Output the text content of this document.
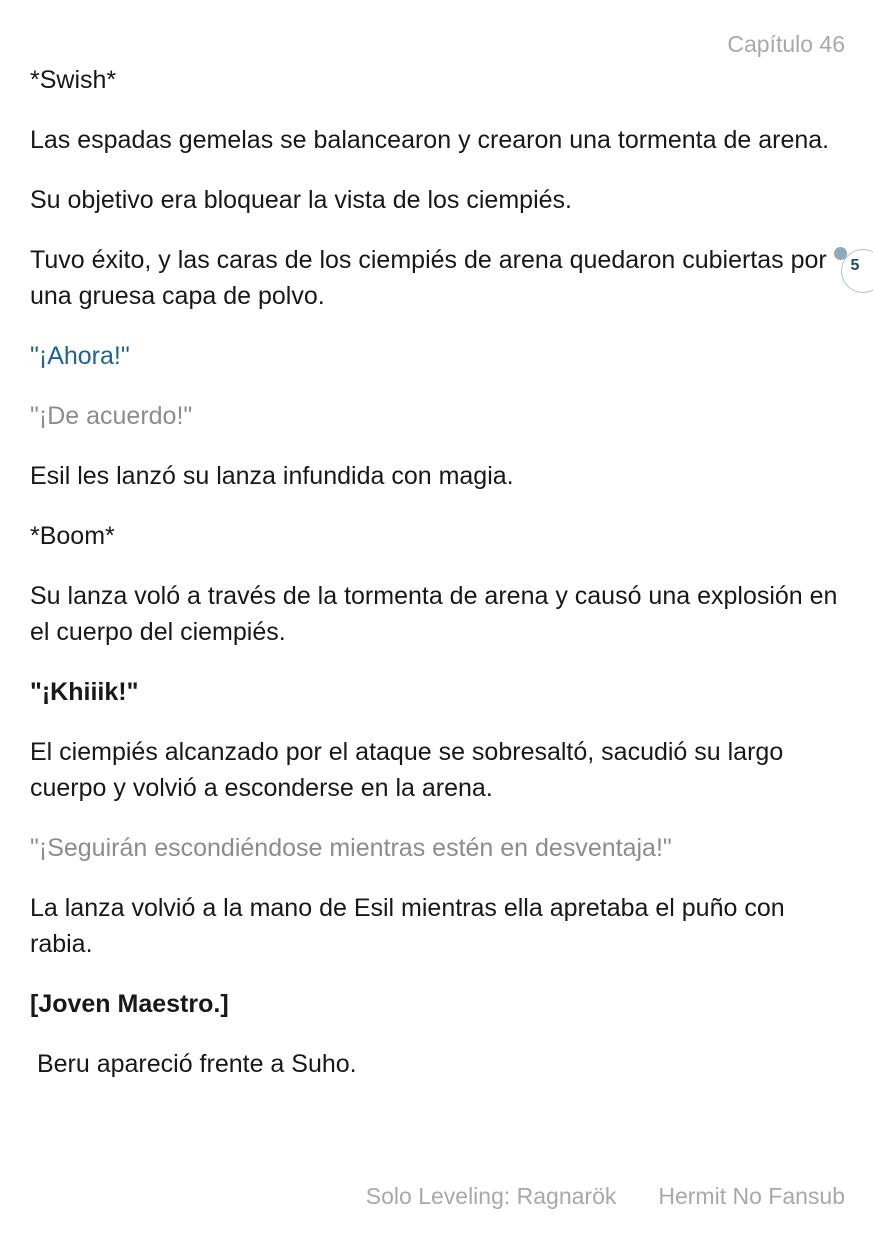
Capítulo 46

*Swish*

Las espadas gemelas se balancearon y crearon una tormenta de arena.

Su objetivo era bloquear la vista de los ciempiés.

Tuvo éxito, y las caras de los ciempiés de arena quedaron cubiertas por una gruesa capa de polvo.

"¡Ahora!"

"¡De acuerdo!"

Esil les lanzó su lanza infundida con magia.

*Boom*

Su lanza voló a través de la tormenta de arena y causó una explosión en el cuerpo del ciempiés.

"¡Khiiik!"

El ciempiés alcanzado por el ataque se sobresaltó, sacudió su largo cuerpo y volvió a esconderse en la arena.

"¡Seguirán escondiéndose mientras estén en desventaja!"

La lanza volvió a la mano de Esil mientras ella apretaba el puño con rabia.

[Joven Maestro.]

Beru apareció frente a Suho.

5
Solo Leveling: Ragnarök Hermit No Fansub
